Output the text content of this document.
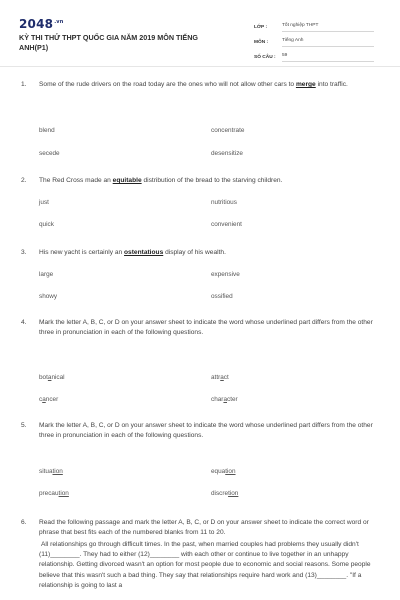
$2048^{.vn}$
KỲ THI THỬ THPT QUỐC GIA NĂM 2019 MÔN TIẾNG ANH(P1)
LỚP :	Tốt nghiệp THPT
MÔN :	Tiếng Anh
SỐ CÂU :	59
1. Some of the rude drivers on the road today are the ones who will not allow other cars to merge into traffic.
blend	concentrate
secede	desensitize
2. The Red Cross made an equitable distribution of the bread to the starving children.
just	nutritious
quick	convenient
3. His new yacht is certainly an ostentatious display of his wealth.
large	expensive
showy	ossified
4. Mark the letter A, B, C, or D on your answer sheet to indicate the word whose underlined part differs from the other three in pronunciation in each of the following questions.
botanical	attract
cancer	character
5. Mark the letter A, B, C, or D on your answer sheet to indicate the word whose underlined part differs from the other three in pronunciation in each of the following questions.
situation	equation
precaution	discretion
6. Read the following passage and mark the letter A, B, C, or D on your answer sheet to indicate the correct word or phrase that best fits each of the numbered blanks from 11 to 20.
All relationships go through difficult times. In the past, when married couples had problems they usually didn't (11)________. They had to either (12)________ with each other or continue to live together in an unhappy relationship. Getting divorced wasn't an option for most people due to economic and social reasons. Some people believe that this wasn't such a bad thing. They say that relationships require hard work and (13)________. "If a relationship is going to last a
